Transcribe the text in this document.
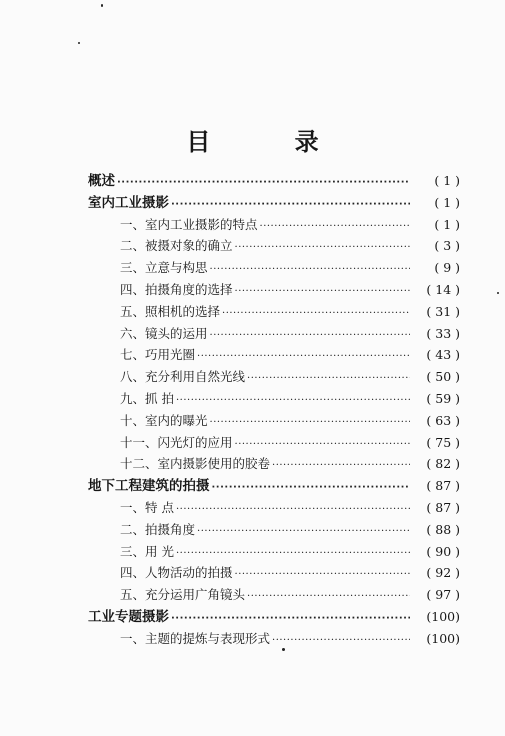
目 录
概述 ·····	( 1 )
室内工业摄影 ·····	( 1 )
一、室内工业摄影的特点 ·····	( 1 )
二、被摄对象的确立 ·····	( 3 )
三、立意与构思 ·····	( 9 )
四、拍摄角度的选择 ·····	( 14 )
五、照相机的选择 ·····	( 31 )
六、镜头的运用 ·····	( 33 )
七、巧用光圈 ·····	( 43 )
八、充分利用自然光线 ·····	( 50 )
九、抓 拍 ·····	( 59 )
十、室内的曝光 ·····	( 63 )
十一、闪光灯的应用 ·····	( 75 )
十二、室内摄影使用的胶卷 ·····	( 82 )
地下工程建筑的拍摄 ·····	( 87 )
一、特 点 ·····	( 87 )
二、拍摄角度 ·····	( 88 )
三、用 光 ·····	( 90 )
四、人物活动的拍摄 ·····	( 92 )
五、充分运用广角镜头 ·····	( 97 )
工业专题摄影 ·····	(100)
一、主题的提炼与表现形式 ·····	(100)
